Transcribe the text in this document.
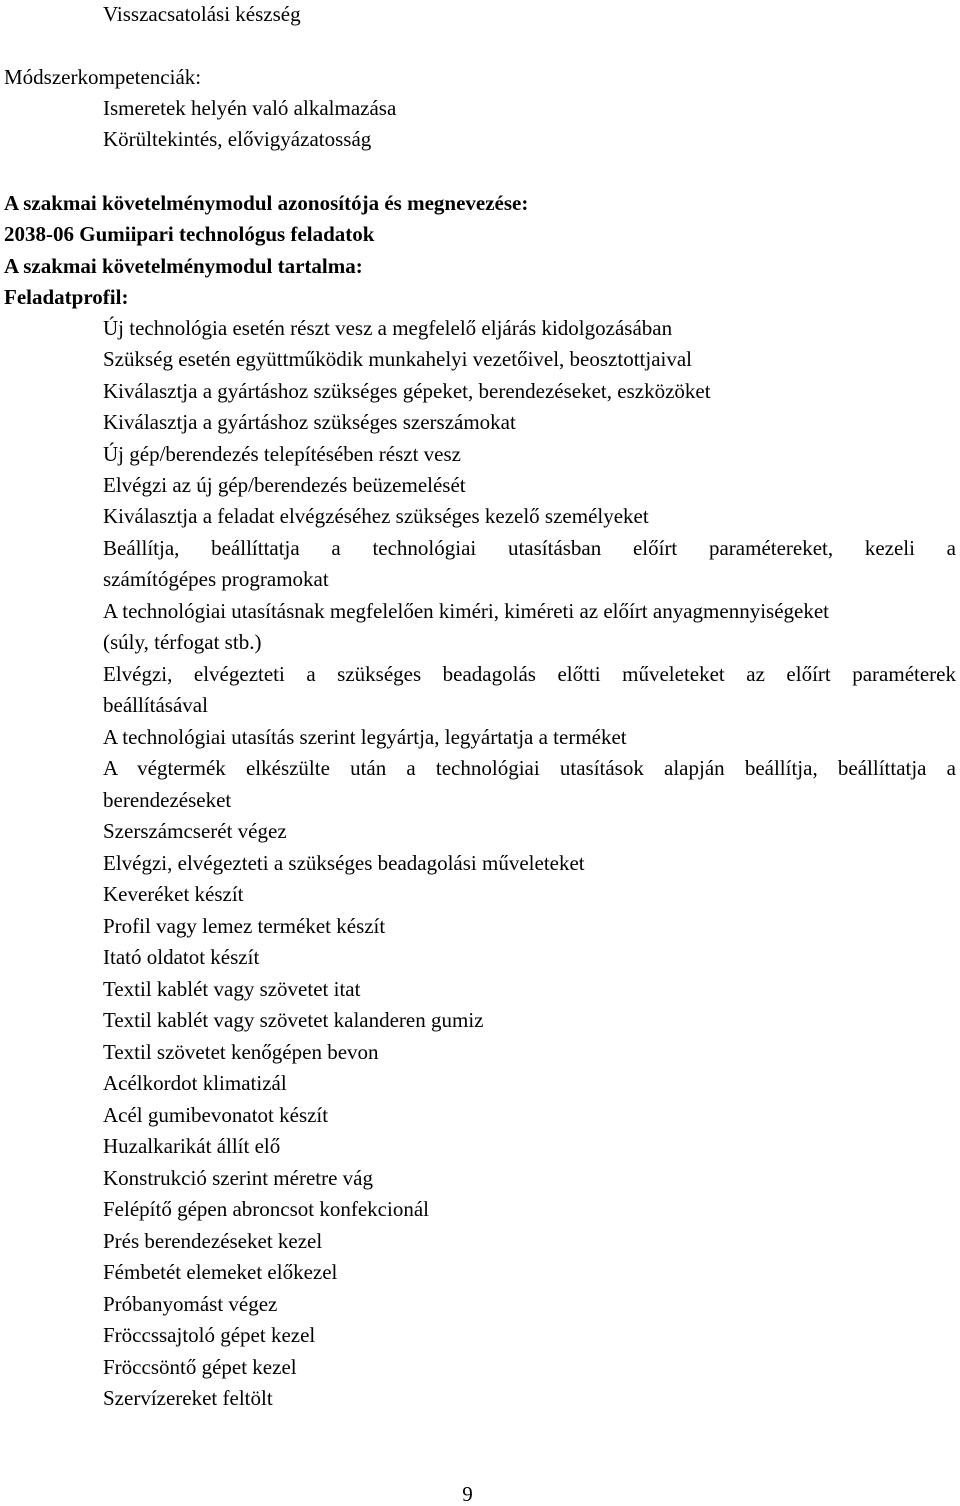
Visszacsatolási készség
Módszerkompetenciák:
Ismeretek helyén való alkalmazása
Körültekintés, elővigyázatosság
A szakmai követelménymodul azonosítója és megnevezése:
2038-06 Gumiipari technológus feladatok
A szakmai követelménymodul tartalma:
Feladatprofil:
Új technológia esetén részt vesz a megfelelő eljárás kidolgozásában
Szükség esetén együttműködik munkahelyi vezetőivel, beosztottjaival
Kiválasztja a gyártáshoz szükséges gépeket, berendezéseket, eszközöket
Kiválasztja a gyártáshoz szükséges szerszámokat
Új gép/berendezés telepítésében részt vesz
Elvégzi az új gép/berendezés beüzemelését
Kiválasztja a feladat elvégzéséhez szükséges kezelő személyeket
Beállítja, beállíttatja a technológiai utasításban előírt paramétereket, kezeli a
számítógépes programokat
A technológiai utasításnak megfelelően kiméri, kiméreti az előírt anyagmennyiségeket
(súly, térfogat stb.)
Elvégzi, elvégezteti a szükséges beadagolás előtti műveleteket az előírt paraméterek
beállításával
A technológiai utasítás szerint legyártja, legyártatja a terméket
A végtermék elkészülte után a technológiai utasítások alapján beállítja, beállíttatja a
berendezéseket
Szerszámcserét végez
Elvégzi, elvégezteti a szükséges beadagolási műveleteket
Keveréket készít
Profil vagy lemez terméket készít
Itató oldatot készít
Textil kablét vagy szövetet itat
Textil kablét vagy szövetet kalanderen gumiz
Textil szövetet kenőgépen bevon
Acélkordot klimatizál
Acél gumibevonatot készít
Huzalkarikát állít elő
Konstrukció szerint méretre vág
Felépítő gépen abroncsot konfekcionál
Prés berendezéseket kezel
Fémbetét elemeket előkezel
Próbanyomást végez
Fröccssajtoló gépet kezel
Fröccsöntő gépet kezel
Szervízereket feltölt
9
